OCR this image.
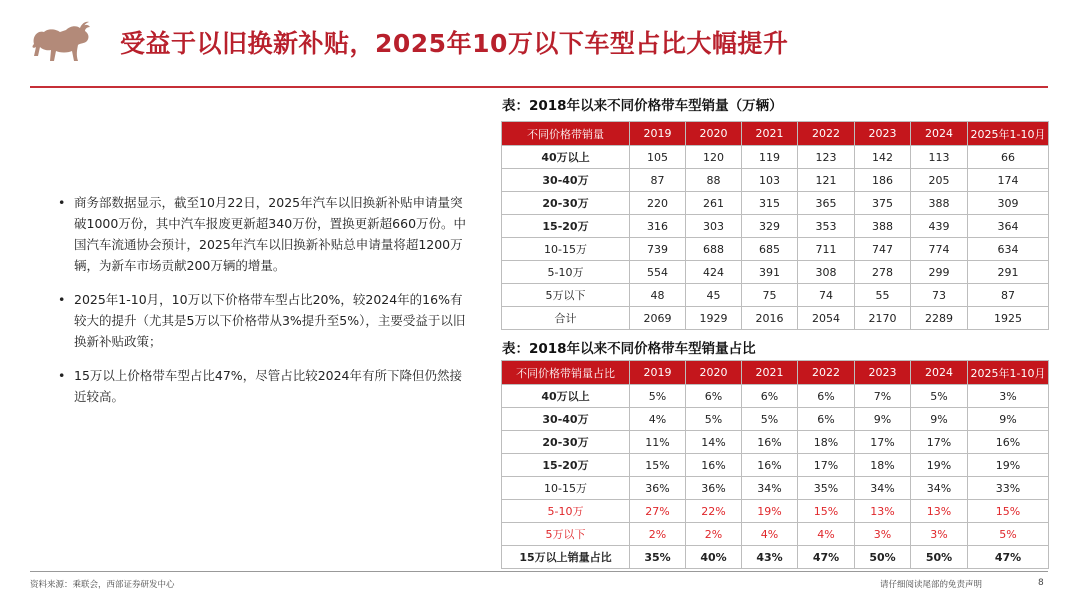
受益于以旧换新补贴，2025年10万以下车型占比大幅提升
• 商务部数据显示，截至10月22日，2025年汽车以旧换新补贴申请量突破1000万份，其中汽车报废更新超340万份，置换更新超660万份。中国汽车流通协会预计，2025年汽车以旧换新补贴总申请量将超1200万辆，为新车市场贡献200万辆的增量。
• 2025年1-10月，10万以下价格带车型占比20%，较2024年的16%有较大的提升（尤其是5万以下价格带从3%提升至5%），主要受益于以旧换新补贴政策；
• 15万以上价格带车型占比47%，尽管占比较2024年有所下降但仍然接近较高。
表：2018年以来不同价格带车型销量（万辆）
不同价格带销量	2019	2020	2021	2022	2023	2024	2025年1-10月
40万以上	105	120	119	123	142	113	66
30-40万	87	88	103	121	186	205	174
20-30万	220	261	315	365	375	388	309
15-20万	316	303	329	353	388	439	364
10-15万	739	688	685	711	747	774	634
5-10万	554	424	391	308	278	299	291
5万以下	48	45	75	74	55	73	87
合计	2069	1929	2016	2054	2170	2289	1925
表：2018年以来不同价格带车型销量占比
不同价格带销量占比	2019	2020	2021	2022	2023	2024	2025年1-10月
40万以上	5%	6%	6%	6%	7%	5%	3%
30-40万	4%	5%	5%	6%	9%	9%	9%
20-30万	11%	14%	16%	18%	17%	17%	16%
15-20万	15%	16%	16%	17%	18%	19%	19%
10-15万	36%	36%	34%	35%	34%	34%	33%
5-10万	27%	22%	19%	15%	13%	13%	15%
5万以下	2%	2%	4%	4%	3%	3%	5%
15万以上销量占比	35%	40%	43%	47%	50%	50%	47%
资料来源：乘联会，西部证券研发中心	请仔细阅读尾部的免责声明	8
